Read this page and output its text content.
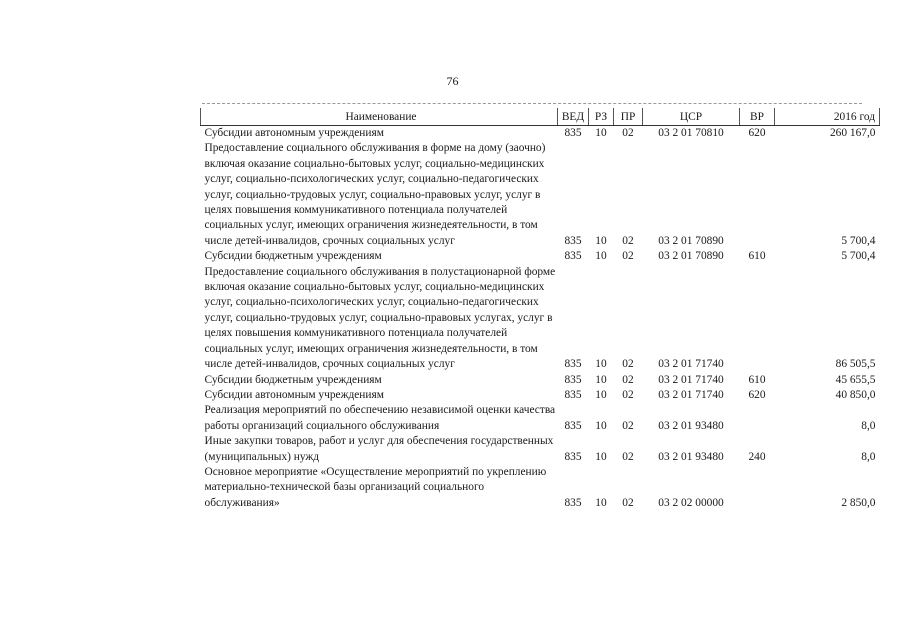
76
Наименование	ВЕД	РЗ	ПР	ЦСР	ВР	2016 год
Субсидии автономным учреждениям	835	10	02	03 2 01 70810	620	260 167,0
Предоставление социального обслуживания в форме на дому (заочно) включая оказание социально-бытовых услуг, социально-медицинских услуг, социально-психологических услуг, социально-педагогических услуг, социально-трудовых услуг, социально-правовых услуг, услуг в целях повышения коммуникативного потенциала получателей социальных услуг, имеющих ограничения жизнедеятельности, в том числе детей-инвалидов, срочных социальных услуг	835	10	02	03 2 01 70890		5 700,4
Субсидии бюджетным учреждениям	835	10	02	03 2 01 70890	610	5 700,4
Предоставление социального обслуживания в полустационарной форме включая оказание социально-бытовых услуг, социально-медицинских услуг, социально-психологических услуг, социально-педагогических услуг, социально-трудовых услуг, социально-правовых услугах, услуг в целях повышения коммуникативного потенциала получателей социальных услуг, имеющих ограничения жизнедеятельности, в том числе детей-инвалидов, срочных социальных услуг	835	10	02	03 2 01 71740		86 505,5
Субсидии бюджетным учреждениям	835	10	02	03 2 01 71740	610	45 655,5
Субсидии автономным учреждениям	835	10	02	03 2 01 71740	620	40 850,0
Реализация мероприятий по обеспечению независимой оценки качества работы организаций социального обслуживания	835	10	02	03 2 01 93480		8,0
Иные закупки товаров, работ и услуг для обеспечения государственных (муниципальных) нужд	835	10	02	03 2 01 93480	240	8,0
Основное мероприятие «Осуществление мероприятий по укреплению материально-технической базы организаций социального обслуживания»	835	10	02	03 2 02 00000		2 850,0
